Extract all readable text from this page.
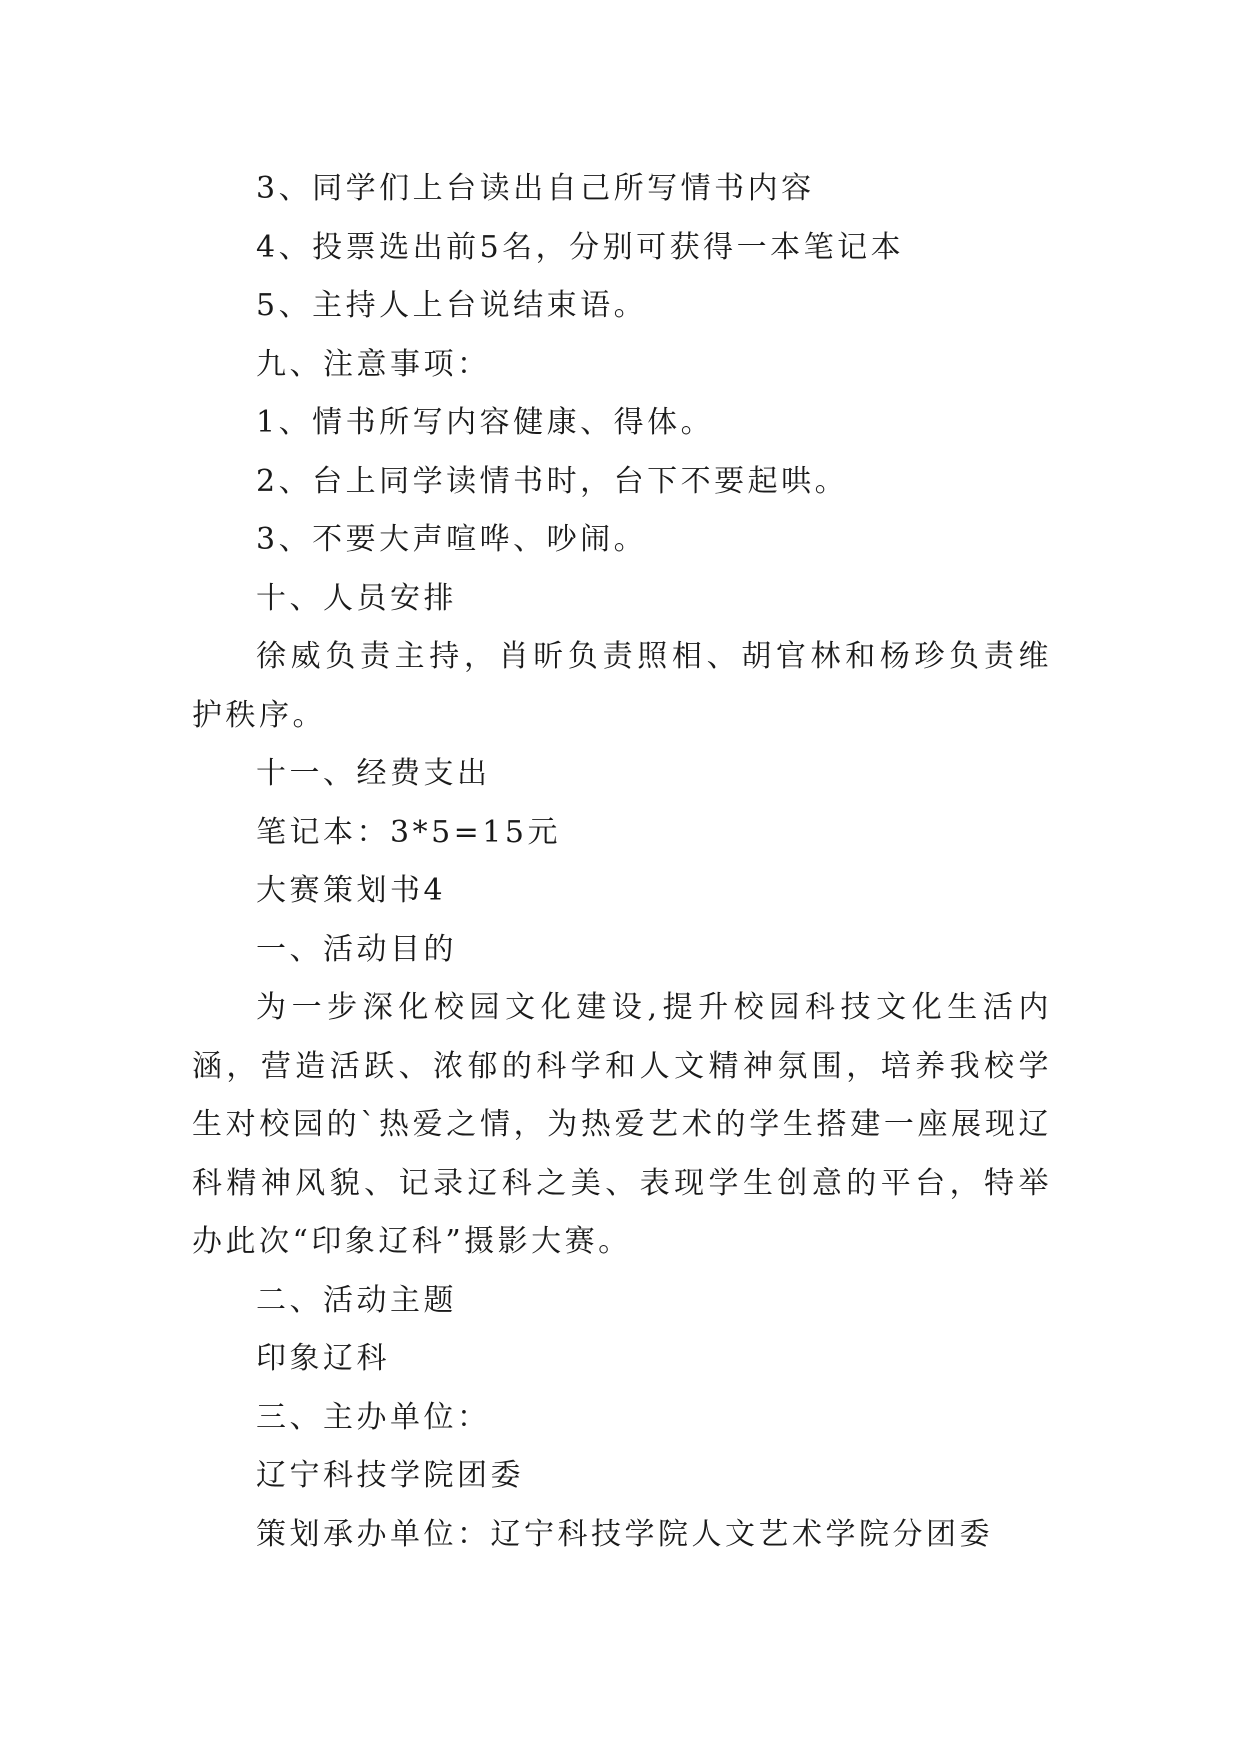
3、同学们上台读出自己所写情书内容

4、投票选出前5名，分别可获得一本笔记本

5、主持人上台说结束语。

九、注意事项：

1、情书所写内容健康、得体。

2、台上同学读情书时，台下不要起哄。

3、不要大声喧哗、吵闹。

十、人员安排

徐威负责主持，肖昕负责照相、胡官林和杨珍负责维护秩序。

十一、经费支出

笔记本：3*5=15元

大赛策划书4

一、活动目的

为一步深化校园文化建设,提升校园科技文化生活内涵，营造活跃、浓郁的科学和人文精神氛围，培养我校学生对校园的`热爱之情，为热爱艺术的学生搭建一座展现辽科精神风貌、记录辽科之美、表现学生创意的平台，特举办此次“印象辽科”摄影大赛。

二、活动主题

印象辽科

三、主办单位：

辽宁科技学院团委

策划承办单位：辽宁科技学院人文艺术学院分团委
